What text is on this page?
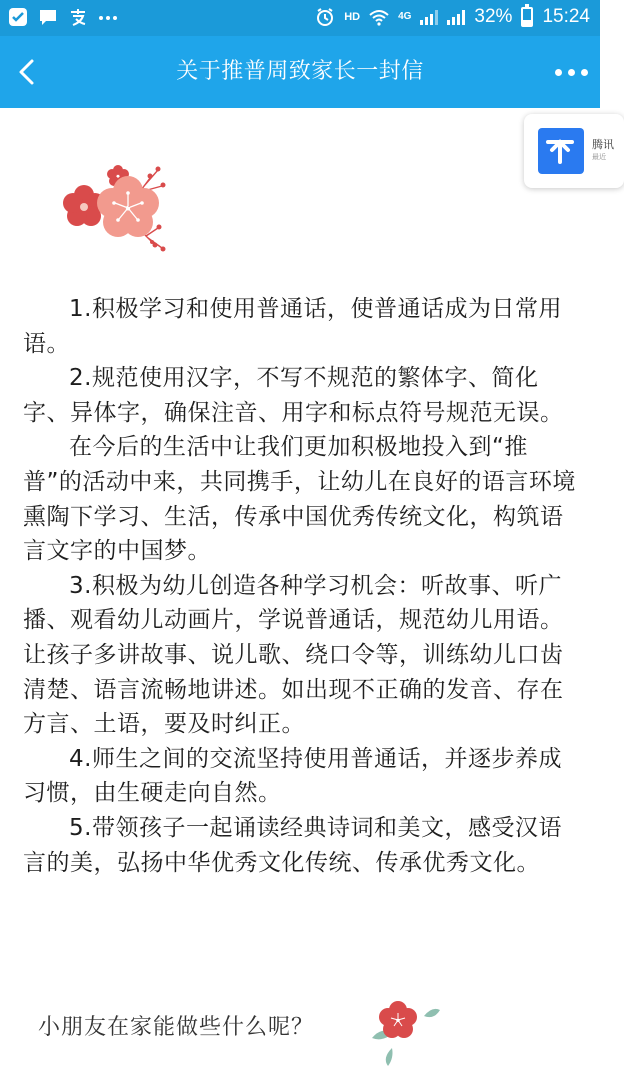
HD	4G	32% 15:24
关于推普周致家长一封信
腾讯
最近

1.积极学习和使用普通话，使普通话成为日常用语。

2.规范使用汉字，不写不规范的繁体字、简化字、异体字，确保注音、用字和标点符号规范无误。

在今后的生活中让我们更加积极地投入到“推普”的活动中来，共同携手，让幼儿在良好的语言环境熏陶下学习、生活，传承中国优秀传统文化，构筑语言文字的中国梦。

3.积极为幼儿创造各种学习机会：听故事、听广播、观看幼儿动画片，学说普通话，规范幼儿用语。让孩子多讲故事、说儿歌、绕口令等，训练幼儿口齿清楚、语言流畅地讲述。如出现不正确的发音、存在方言、土语，要及时纠正。

4.师生之间的交流坚持使用普通话，并逐步养成习惯，由生硬走向自然。

5.带领孩子一起诵读经典诗词和美文，感受汉语言的美，弘扬中华优秀文化传统、传承优秀文化。

小朋友在家能做些什么呢？
